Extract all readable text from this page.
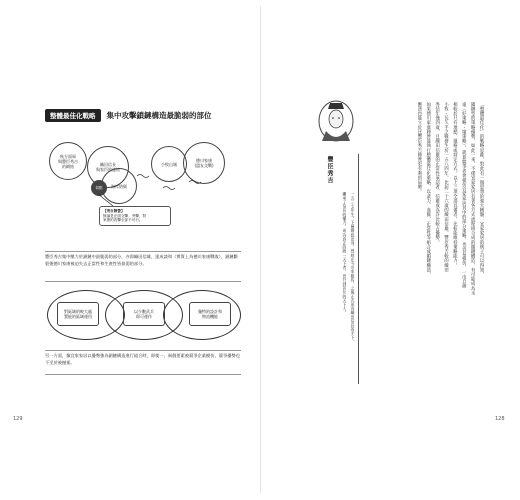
整體最佳化戰略	集中攻擊鎖鏈構造最脆弱的部位
秋方面軍
與豐臣秀吉
的網絡	織田信長
與家臣的連結
海岸防衛
小牧山城
德川家康
(盟友交戰)
弱點
【秀吉陣營】
無論是正面交擊、突擊，對
家康的攻擊全部不可行。
豐臣秀吉集中壓力於鎖鏈中最脆弱的部分，亦即織田信雄，達成談和（實質上為德川家康戰敗），鎖鏈斷裂後德川家康被迫失去正當性和生產性皆最弱的部分。
對區域的較大處
置能的區域運用
以少數武兵
即可運作
獨特的設計和
物流機能
另一方面，像宜家家居以優勢強為鎖鏈構造進行組合時，即使一，兩個要素被競爭企業模仿，競爭優勢也不至於被撼搖。
129
「整體最佳化」的戰略思維，對此有一個思想的強大精髓：宜家家居的例子可以得知，
鎖鏈型的策略優勢，如此一來，不僅宜家家居有著各方式流程組合成的鎖鏈構造，有可能成為永
遠（好策略・壞策略）。就算競爭者會模仿宜家家居其中的部分策略，也容易模仿，一出自納
相較於只有地點、風格或特定方式，以上三項全部具備者，比較能維持策略能力。
小牧・長久手之戰發生於一五八四年，比起二十六歲的織田信雄，豐臣秀吉較的織田
秀信年僅四歲，且織田信雄的正當性承認者，信雄成為許比較占優勢。
如果德川家康陣營能執行整體最佳化策略，以武力、血脈、正當性等組合成鎖鏈構造，
應該也能立於比豐臣秀吉陣營更有利的局勢。
豐臣秀吉
一五三七年生，下層階級出身，曾經在今川家服侍，之後正式成為織田信長的手下。
繼承了信長的權力，成為真正的統一天下者，晉升到首位的天下人。
128
